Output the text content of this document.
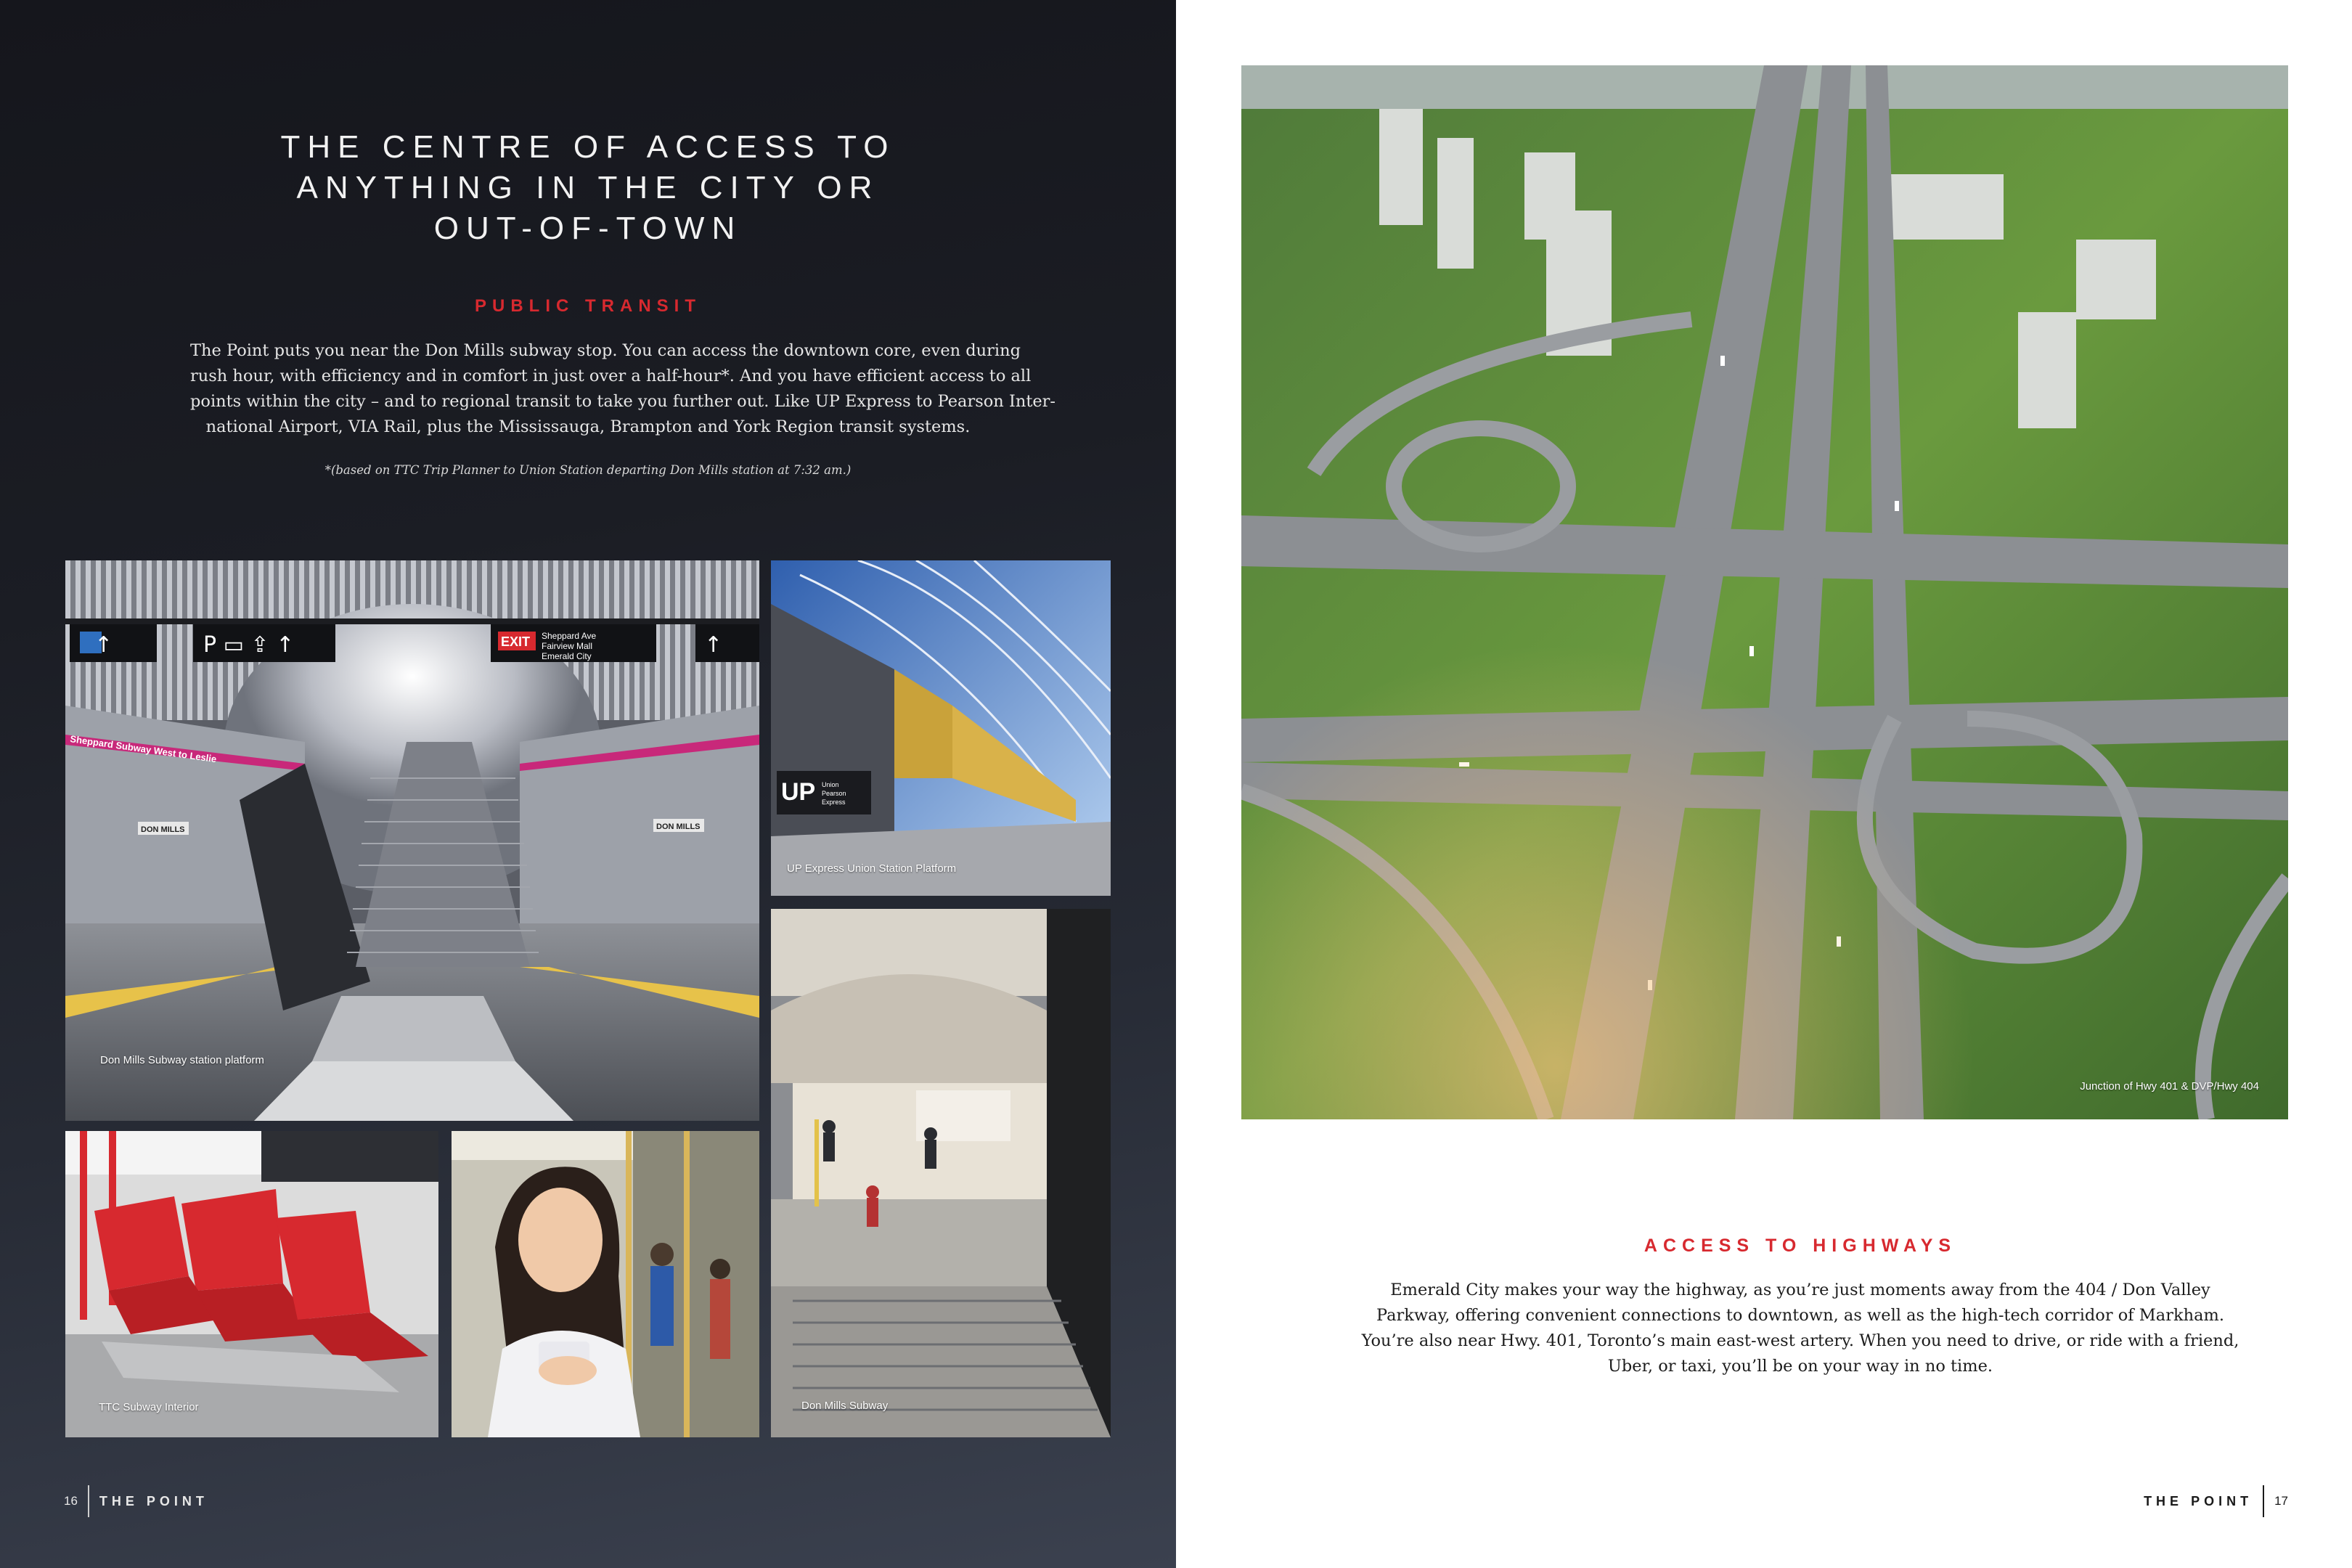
THE CENTRE OF ACCESS TO
ANYTHING IN THE CITY OR
OUT-OF-TOWN
PUBLIC TRANSIT
The Point puts you near the Don Mills subway stop. You can access the downtown core, even during
rush hour, with efficiency and in comfort in just over a half-hour*. And you have efficient access to all
points within the city – and to regional transit to take you further out. Like UP Express to Pearson Inter-
national Airport, VIA Rail, plus the Mississauga, Brampton and York Region transit systems.
*(based on TTC Trip Planner to Union Station departing Don Mills station at 7:32 am.)
↑	P ▭ ⇪ ↑	EXIT Sheppard Ave
Fairview Mall
Emerald City	↑
Sheppard Subway West to Leslie
DON MILLS	DON MILLS
Don Mills Subway station platform
UP Union
Pearson
Express
UP Express Union Station Platform
Don Mills Subway
TTC Subway Interior
16 THE POINT
Junction of Hwy 401 & DVP/Hwy 404
ACCESS TO HIGHWAYS
Emerald City makes your way the highway, as you’re just moments away from the 404 / Don Valley
Parkway, offering convenient connections to downtown, as well as the high-tech corridor of Markham.
You’re also near Hwy. 401, Toronto’s main east-west artery. When you need to drive, or ride with a friend,
Uber, or taxi, you’ll be on your way in no time.
THE POINT 17
